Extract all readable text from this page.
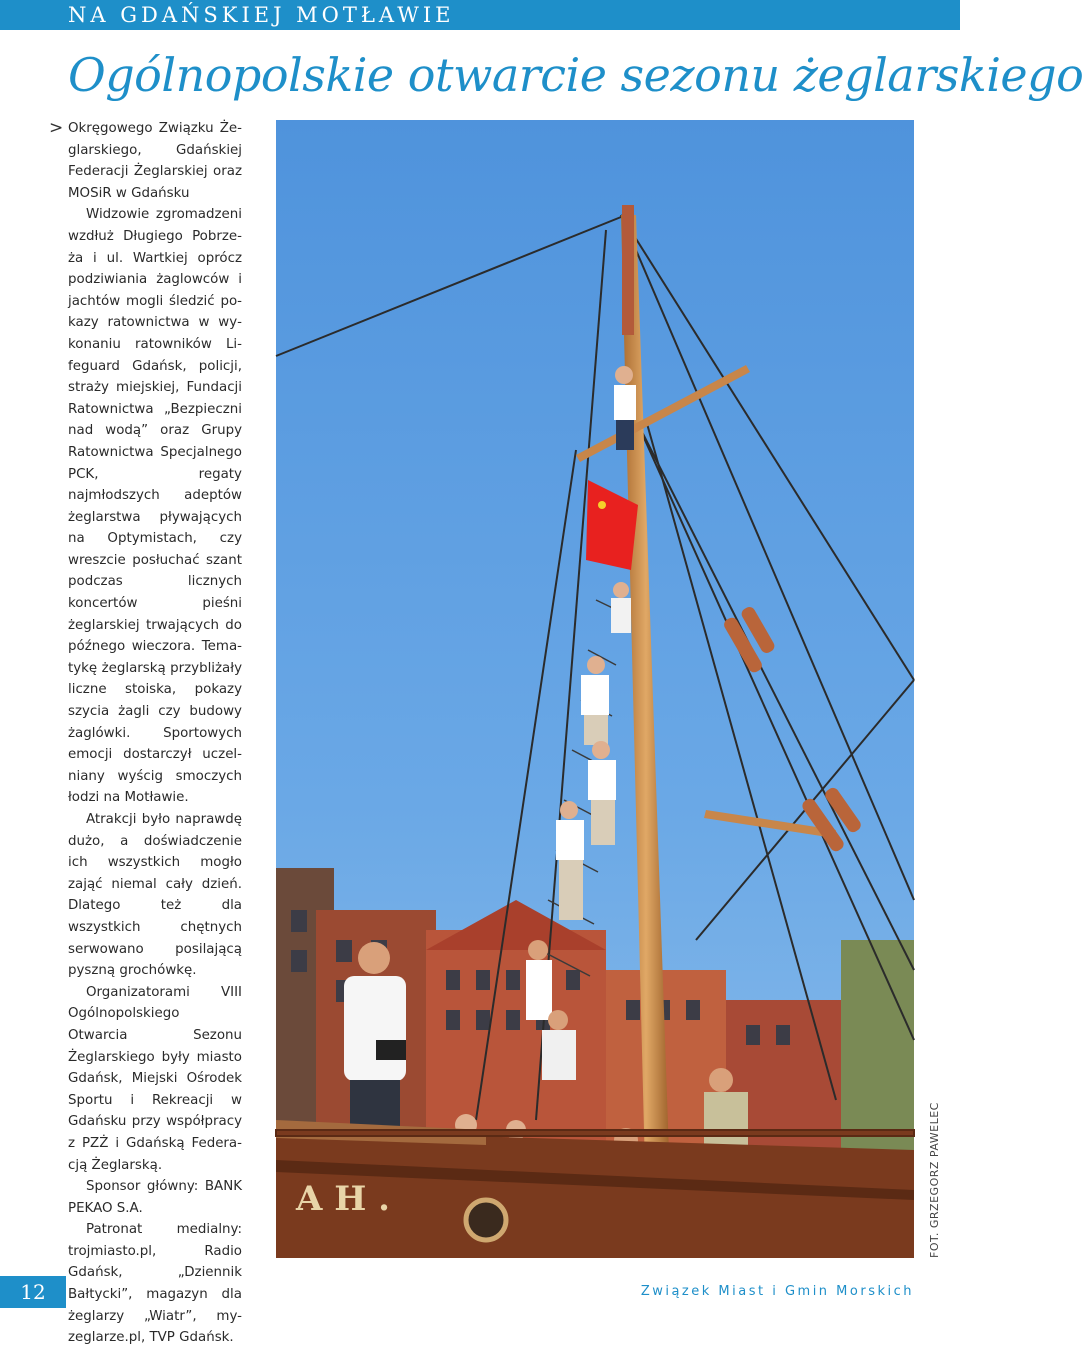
NA GDAŃSKIEJ MOTŁAWIE
Ogólnopolskie otwarcie sezonu żeglarskiego
> Okręgowego Związku Żeglarskiego, Gdańskiej Federacji Żeglarskiej oraz MOSiR w Gdańsku

Widzowie zgromadzeni wzdłuż Długiego Pobrzeża i ul. Wartkiej oprócz podziwiania żaglowców i jachtów mogli śledzić pokazy ratownictwa w wykonaniu ratowników Lifeguard Gdańsk, policji, straży miejskiej, Fundacji Ratownictwa „Bezpieczni nad wodą” oraz Grupy Ratownictwa Specjalnego PCK, regaty najmłodszych adeptów żeglarstwa pływających na Optymistach, czy wreszcie posłuchać szant podczas licznych koncertów pieśni żeglarskiej trwających do późnego wieczora. Tematykę żeglarską przybliżały liczne stoiska, pokazy szycia żagli czy budowy żaglówki. Sportowych emocji dostarczył uczelniany wyścig smoczych łodzi na Motławie.

Atrakcji było naprawdę dużo, a doświadczenie ich wszystkich mogło zająć niemal cały dzień. Dlatego też dla wszystkich chętnych serwowano posilającą pyszną grochówkę.

Organizatorami VIII Ogólnopolskiego Otwarcia Sezonu Żeglarskiego były miasto Gdańsk, Miejski Ośrodek Sportu i Rekreacji w Gdańsku przy współpracy z PZŻ i Gdańską Federacją Żeglarską.

Sponsor główny: BANK PEKAO S.A.

Patronat medialny: trojmiasto.pl, Radio Gdańsk, „Dziennik Bałtycki”, magazyn dla żeglarzy „Wiatr”, my-zeglarze.pl, TVP Gdańsk.

A H .	FOT. GRZEGORZ PAWELEC
12	Związek Miast i Gmin Morskich
